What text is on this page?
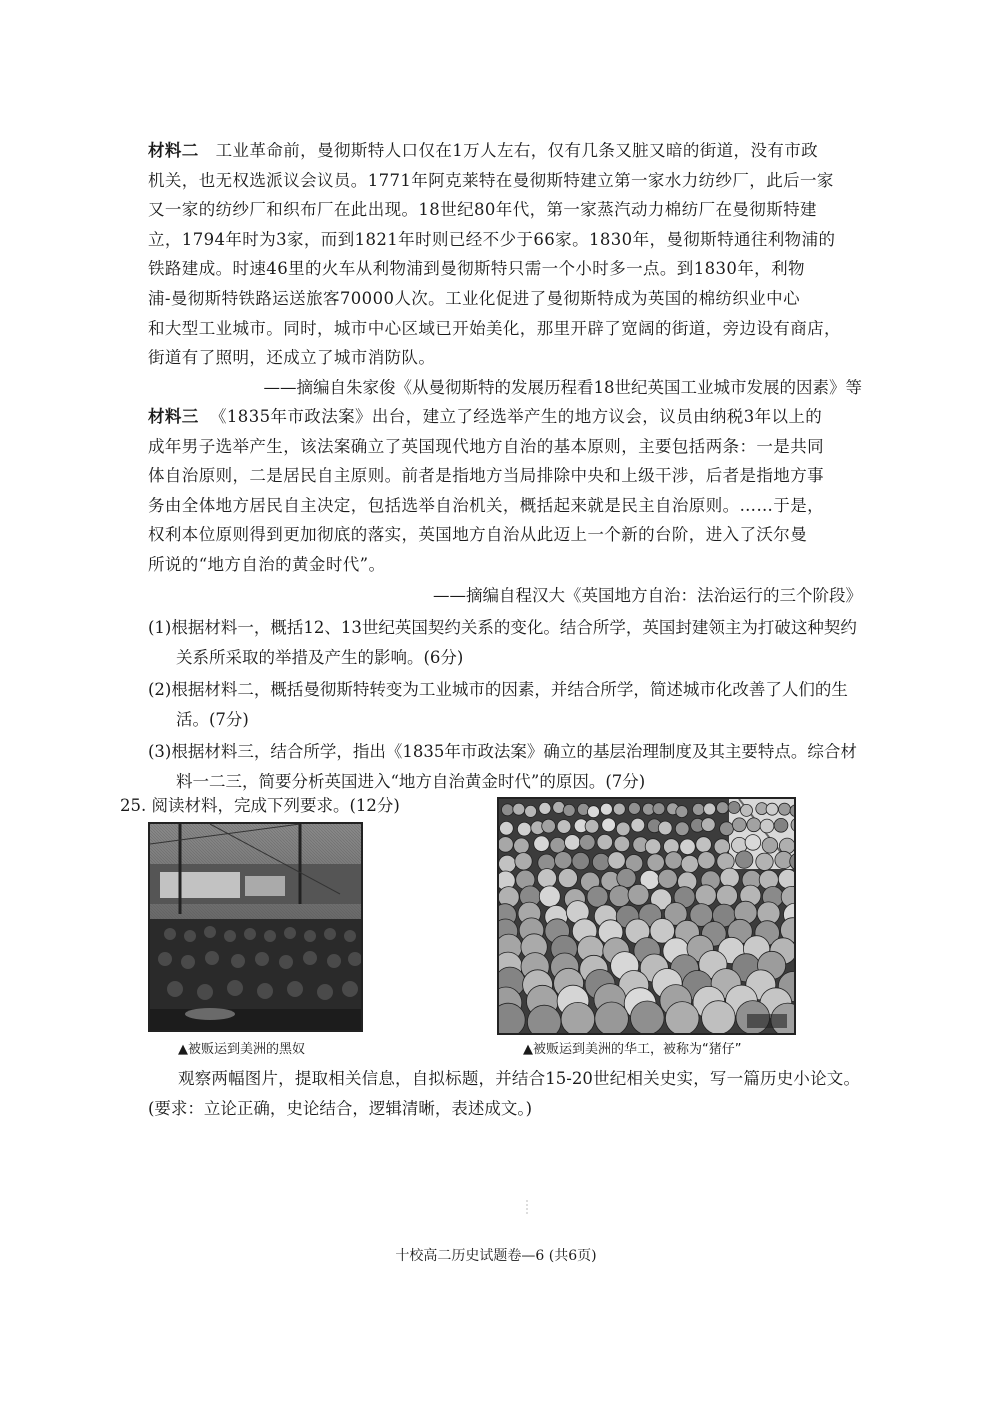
材料二 工业革命前，曼彻斯特人口仅在1万人左右，仅有几条又脏又暗的街道，没有市政
机关，也无权选派议会议员。1771年阿克莱特在曼彻斯特建立第一家水力纺纱厂，此后一家
又一家的纺纱厂和织布厂在此出现。18世纪80年代，第一家蒸汽动力棉纺厂在曼彻斯特建
立，1794年时为3家，而到1821年时则已经不少于66家。1830年，曼彻斯特通往利物浦的
铁路建成。时速46里的火车从利物浦到曼彻斯特只需一个小时多一点。到1830年，利物
浦-曼彻斯特铁路运送旅客70000人次。工业化促进了曼彻斯特成为英国的棉纺织业中心
和大型工业城市。同时，城市中心区域已开始美化，那里开辟了宽阔的街道，旁边设有商店，
街道有了照明，还成立了城市消防队。
——摘编自朱家俊《从曼彻斯特的发展历程看18世纪英国工业城市发展的因素》等
材料三 《1835年市政法案》出台，建立了经选举产生的地方议会，议员由纳税3年以上的
成年男子选举产生，该法案确立了英国现代地方自治的基本原则，主要包括两条：一是共同
体自治原则，二是居民自主原则。前者是指地方当局排除中央和上级干涉，后者是指地方事
务由全体地方居民自主决定，包括选举自治机关，概括起来就是民主自治原则。……于是，
权利本位原则得到更加彻底的落实，英国地方自治从此迈上一个新的台阶，进入了沃尔曼
所说的“地方自治的黄金时代”。
——摘编自程汉大《英国地方自治：法治运行的三个阶段》
(1)根据材料一，概括12、13世纪英国契约关系的变化。结合所学，英国封建领主为打破这种契约关系所采取的举措及产生的影响。(6分)
(2)根据材料二，概括曼彻斯特转变为工业城市的因素，并结合所学，简述城市化改善了人们的生活。(7分)
(3)根据材料三，结合所学，指出《1835年市政法案》确立的基层治理制度及其主要特点。综合材料一二三，简要分析英国进入“地方自治黄金时代”的原因。(7分)
25. 阅读材料，完成下列要求。(12分)
▲被贩运到美洲的黑奴	▲被贩运到美洲的华工，被称为“猪仔”
观察两幅图片，提取相关信息，自拟标题，并结合15-20世纪相关史实，写一篇历史小论文。(要求：立论正确，史论结合，逻辑清晰，表述成文。)
十校高二历史试题卷—6 (共6页)
